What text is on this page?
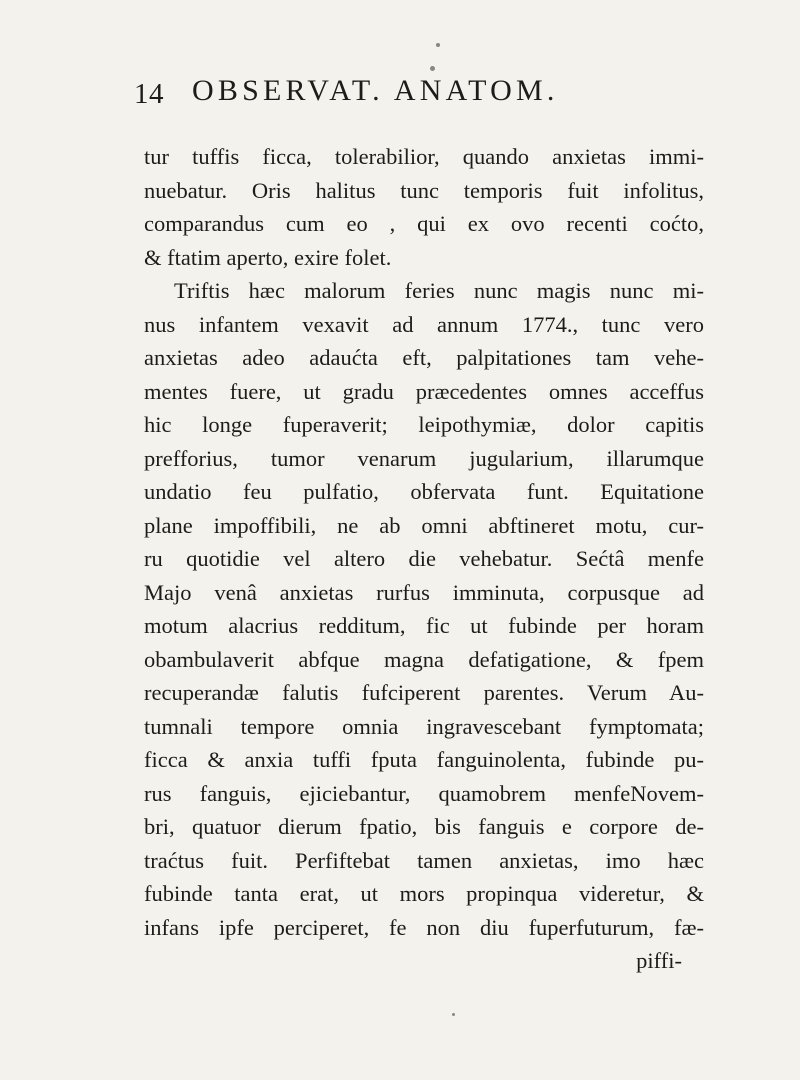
14 OBSERVAT. ANATOM.
tur tuffis ficca, tolerabilior, quando anxietas immi-
nuebatur. Oris halitus tunc temporis fuit infolitus,
comparandus cum eo , qui ex ovo recenti coćto,
& ftatim aperto, exire folet.
Triftis hæc malorum feries nunc magis nunc mi-
nus infantem vexavit ad annum 1774., tunc vero
anxietas adeo adaućta eft, palpitationes tam vehe-
mentes fuere, ut gradu præcedentes omnes acceffus
hic longe fuperaverit; leipothymiæ, dolor capitis
prefforius, tumor venarum jugularium, illarumque
undatio feu pulfatio, obfervata funt. Equitatione
plane impoffibili, ne ab omni abftineret motu, cur-
ru quotidie vel altero die vehebatur. Sećtâ menfe
Majo venâ anxietas rurfus imminuta, corpusque ad
motum alacrius redditum, fic ut fubinde per horam
obambulaverit abfque magna defatigatione, & fpem
recuperandæ falutis fufciperent parentes. Verum Au-
tumnali tempore omnia ingravescebant fymptomata;
ficca & anxia tuffi fputa fanguinolenta, fubinde pu-
rus fanguis, ejiciebantur, quamobrem menfeNovem-
bri, quatuor dierum fpatio, bis fanguis e corpore de-
traćtus fuit. Perfiftebat tamen anxietas, imo hæc
fubinde tanta erat, ut mors propinqua videretur, &
infans ipfe perciperet, fe non diu fuperfuturum, fæ-
piffi-
